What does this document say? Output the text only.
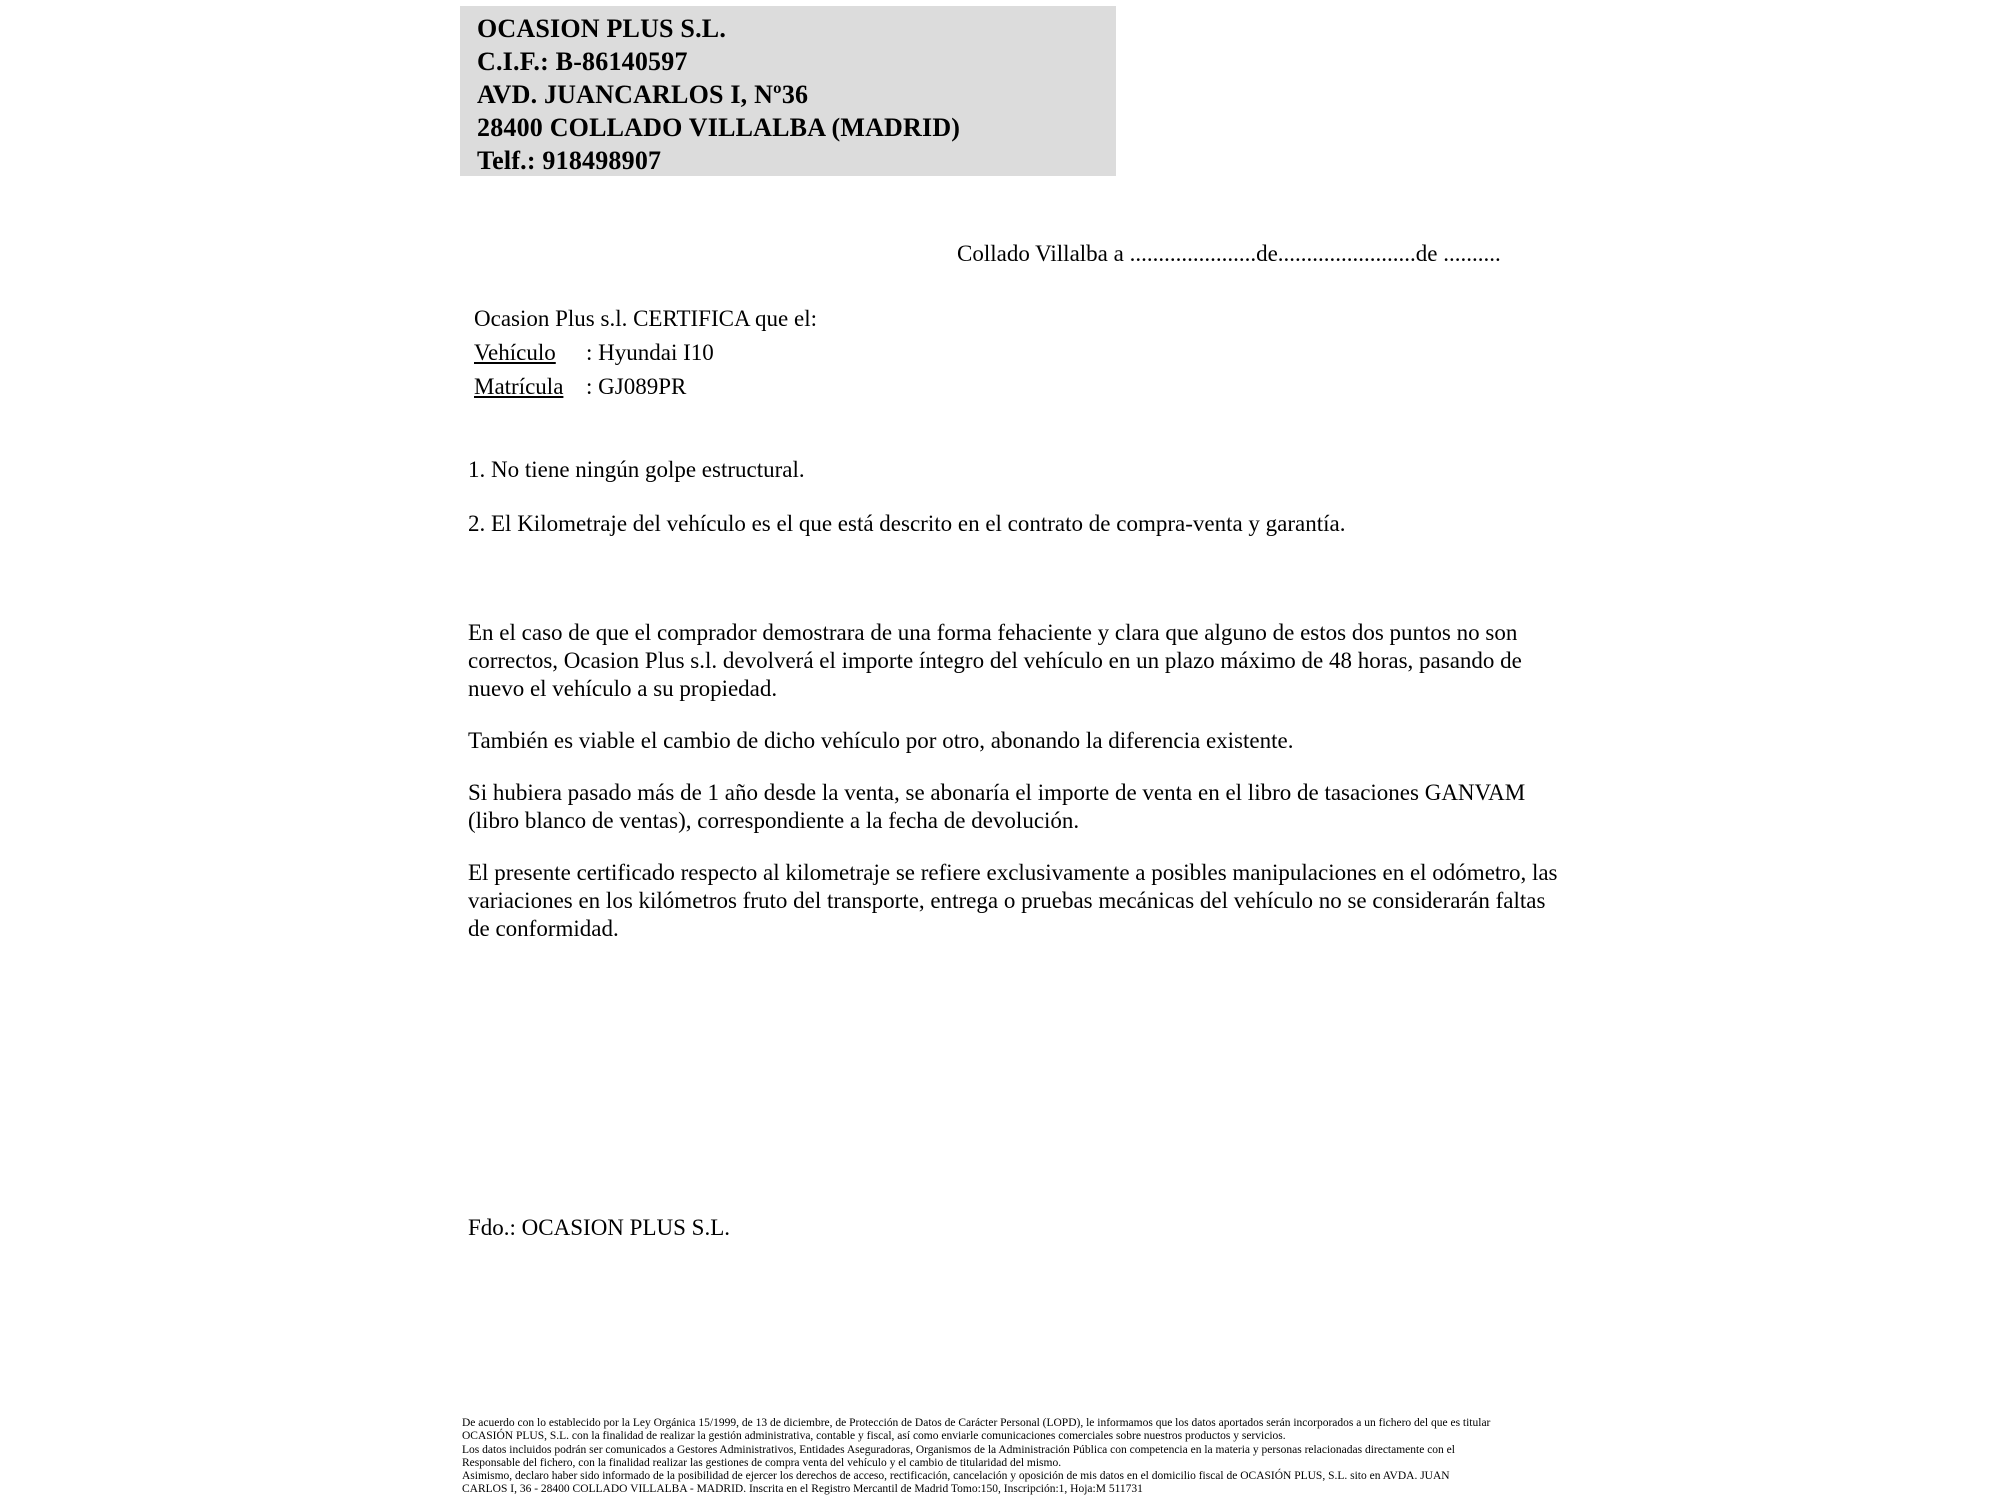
OCASION PLUS S.L.
C.I.F.: B-86140597
AVD. JUANCARLOS I, Nº36
28400 COLLADO VILLALBA (MADRID)
Telf.: 918498907
Collado Villalba a ......................de........................de ..........
Ocasion Plus s.l. CERTIFICA que el:
Vehículo : Hyundai I10
Matrícula : GJ089PR

1. No tiene ningún golpe estructural.

2. El Kilometraje del vehículo es el que está descrito en el contrato de compra-venta y garantía.

En el caso de que el comprador demostrara de una forma fehaciente y clara que alguno de estos dos puntos no son correctos, Ocasion Plus s.l. devolverá el importe íntegro del vehículo en un plazo máximo de 48 horas, pasando de nuevo el vehículo a su propiedad.

También es viable el cambio de dicho vehículo por otro, abonando la diferencia existente.

Si hubiera pasado más de 1 año desde la venta, se abonaría el importe de venta en el libro de tasaciones GANVAM (libro blanco de ventas), correspondiente a la fecha de devolución.

El presente certificado respecto al kilometraje se refiere exclusivamente a posibles manipulaciones en el odómetro, las variaciones en los kilómetros fruto del transporte, entrega o pruebas mecánicas del vehículo no se considerarán faltas de conformidad.

Fdo.: OCASION PLUS S.L.
De acuerdo con lo establecido por la Ley Orgánica 15/1999, de 13 de diciembre, de Protección de Datos de Carácter Personal (LOPD), le informamos que los datos aportados serán incorporados a un fichero del que es titular
OCASIÓN PLUS, S.L. con la finalidad de realizar la gestión administrativa, contable y fiscal, así como enviarle comunicaciones comerciales sobre nuestros productos y servicios.
Los datos incluidos podrán ser comunicados a Gestores Administrativos, Entidades Aseguradoras, Organismos de la Administración Pública con competencia en la materia y personas relacionadas directamente con el
Responsable del fichero, con la finalidad realizar las gestiones de compra venta del vehículo y el cambio de titularidad del mismo.
Asimismo, declaro haber sido informado de la posibilidad de ejercer los derechos de acceso, rectificación, cancelación y oposición de mis datos en el domicilio fiscal de OCASIÓN PLUS, S.L. sito en AVDA. JUAN
CARLOS I, 36 - 28400 COLLADO VILLALBA - MADRID. Inscrita en el Registro Mercantil de Madrid Tomo:150, Inscripción:1, Hoja:M 511731
